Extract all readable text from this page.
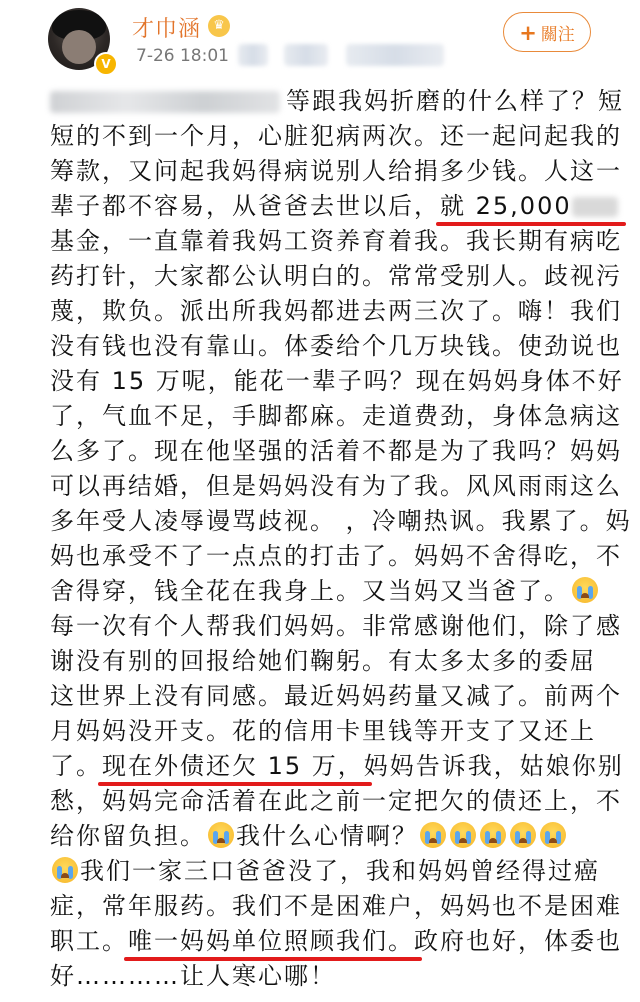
V
才巾涵 ♛
7-26 18:01
+ 關注

等跟我妈折磨的什么样了？短

短的不到一个月，心脏犯病两次。还一起问起我的

筹款，又问起我妈得病说别人给捐多少钱。人这一

辈子都不容易，从爸爸去世以后，就 25,000

基金，一直靠着我妈工资养育着我。我长期有病吃

药打针，大家都公认明白的。常常受别人。歧视污

蔑，欺负。派出所我妈都进去两三次了。嗨！我们

没有钱也没有靠山。体委给个几万块钱。使劲说也

没有 15 万呢，能花一辈子吗？现在妈妈身体不好

了，气血不足，手脚都麻。走道费劲，身体急病这

么多了。现在他坚强的活着不都是为了我吗？妈妈

可以再结婚，但是妈妈没有为了我。风风雨雨这么

多年受人凌辱谩骂歧视。 ，冷嘲热讽。我累了。妈

妈也承受不了一点点的打击了。妈妈不舍得吃，不

舍得穿，钱全花在我身上。又当妈又当爸了。

每一次有个人帮我们妈妈。非常感谢他们，除了感

谢没有别的回报给她们鞠躬。有太多太多的委屈

这世界上没有同感。最近妈妈药量又减了。前两个

月妈妈没开支。花的信用卡里钱等开支了又还上

了。现在外债还欠 15 万，妈妈告诉我，姑娘你别

愁，妈妈完命活着在此之前一定把欠的债还上，不

给你留负担。 我什么心情啊？

我们一家三口爸爸没了，我和妈妈曾经得过癌

症，常年服药。我们不是困难户，妈妈也不是困难

职工。唯一妈妈单位照顾我们。政府也好，体委也

好…………让人寒心哪！
